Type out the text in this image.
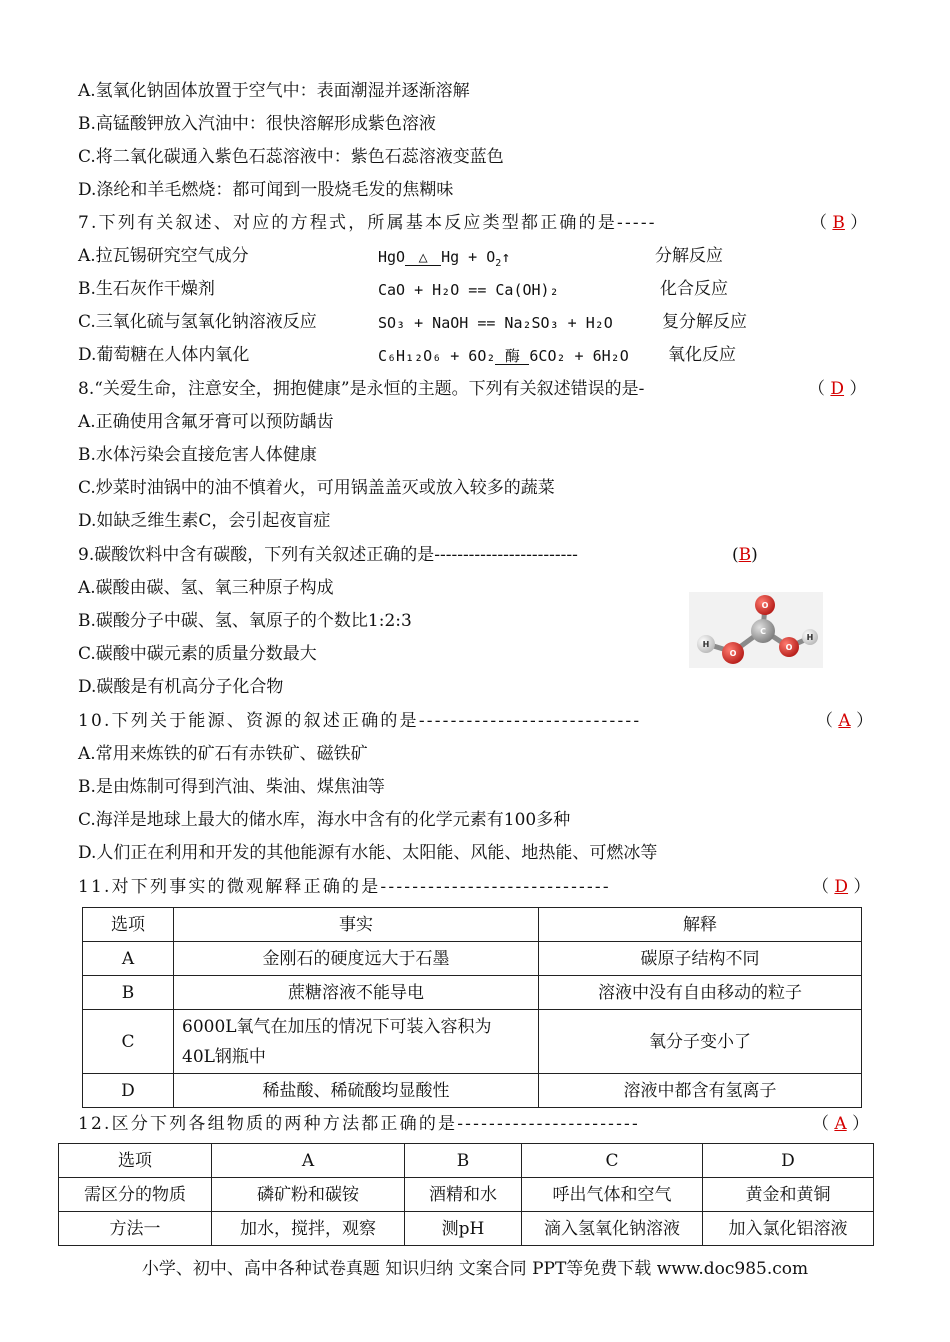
A.氢氧化钠固体放置于空气中：表面潮湿并逐渐溶解
B.高锰酸钾放入汽油中：很快溶解形成紫色溶液
C.将二氧化碳通入紫色石蕊溶液中：紫色石蕊溶液变蓝色
D.涤纶和羊毛燃烧：都可闻到一股烧毛发的焦糊味
7.下列有关叙述、对应的方程式，所属基本反应类型都正确的是-----	（ B ）
A.拉瓦锡研究空气成分	HgO △ $Hg + O_2↑$	分解反应
B.生石灰作干燥剂	CaO + H₂O == Ca(OH)₂	化合反应
C.三氧化硫与氢氧化钠溶液反应	SO₃ + NaOH == Na₂SO₃ + H₂O	复分解反应
D.葡萄糖在人体内氧化	C₆H₁₂O₆ + 6O₂ 酶 6CO₂ + 6H₂O 氧化反应
8.“关爱生命，注意安全，拥抱健康”是永恒的主题。下列有关叙述错误的是-	（ D ）
A.正确使用含氟牙膏可以预防龋齿
B.水体污染会直接危害人体健康
C.炒菜时油锅中的油不慎着火，可用锅盖盖灭或放入较多的蔬菜
D.如缺乏维生素C，会引起夜盲症
9.碳酸饮料中含有碳酸，下列有关叙述正确的是-------------------------	(B)
A.碳酸由碳、氢、氧三种原子构成
B.碳酸分子中碳、氢、氧原子的个数比1:2:3
C.碳酸中碳元素的质量分数最大
D.碳酸是有机高分子化合物
O
C
O
O
H
H
10.下列关于能源、资源的叙述正确的是----------------------------	（ A ）
A.常用来炼铁的矿石有赤铁矿、磁铁矿
B.是由炼制可得到汽油、柴油、煤焦油等
C.海洋是地球上最大的储水库，海水中含有的化学元素有100多种
D.人们正在利用和开发的其他能源有水能、太阳能、风能、地热能、可燃冰等
11.对下列事实的微观解释正确的是-----------------------------	（ D ）
选项	事实	解释
A	金刚石的硬度远大于石墨	碳原子结构不同
B	蔗糖溶液不能导电	溶液中没有自由移动的粒子
C	6000L氧气在加压的情况下可装入容积为
40L钢瓶中	氧分子变小了
D	稀盐酸、稀硫酸均显酸性	溶液中都含有氢离子
12.区分下列各组物质的两种方法都正确的是-----------------------	（ A ）
选项	A	B	C	D
需区分的物质	磷矿粉和碳铵	酒精和水	呼出气体和空气	黄金和黄铜
方法一	加水，搅拌，观察	测pH	滴入氢氧化钠溶液	加入氯化铝溶液
小学、初中、高中各种试卷真题 知识归纳 文案合同 PPT等免费下载 www.doc985.com
